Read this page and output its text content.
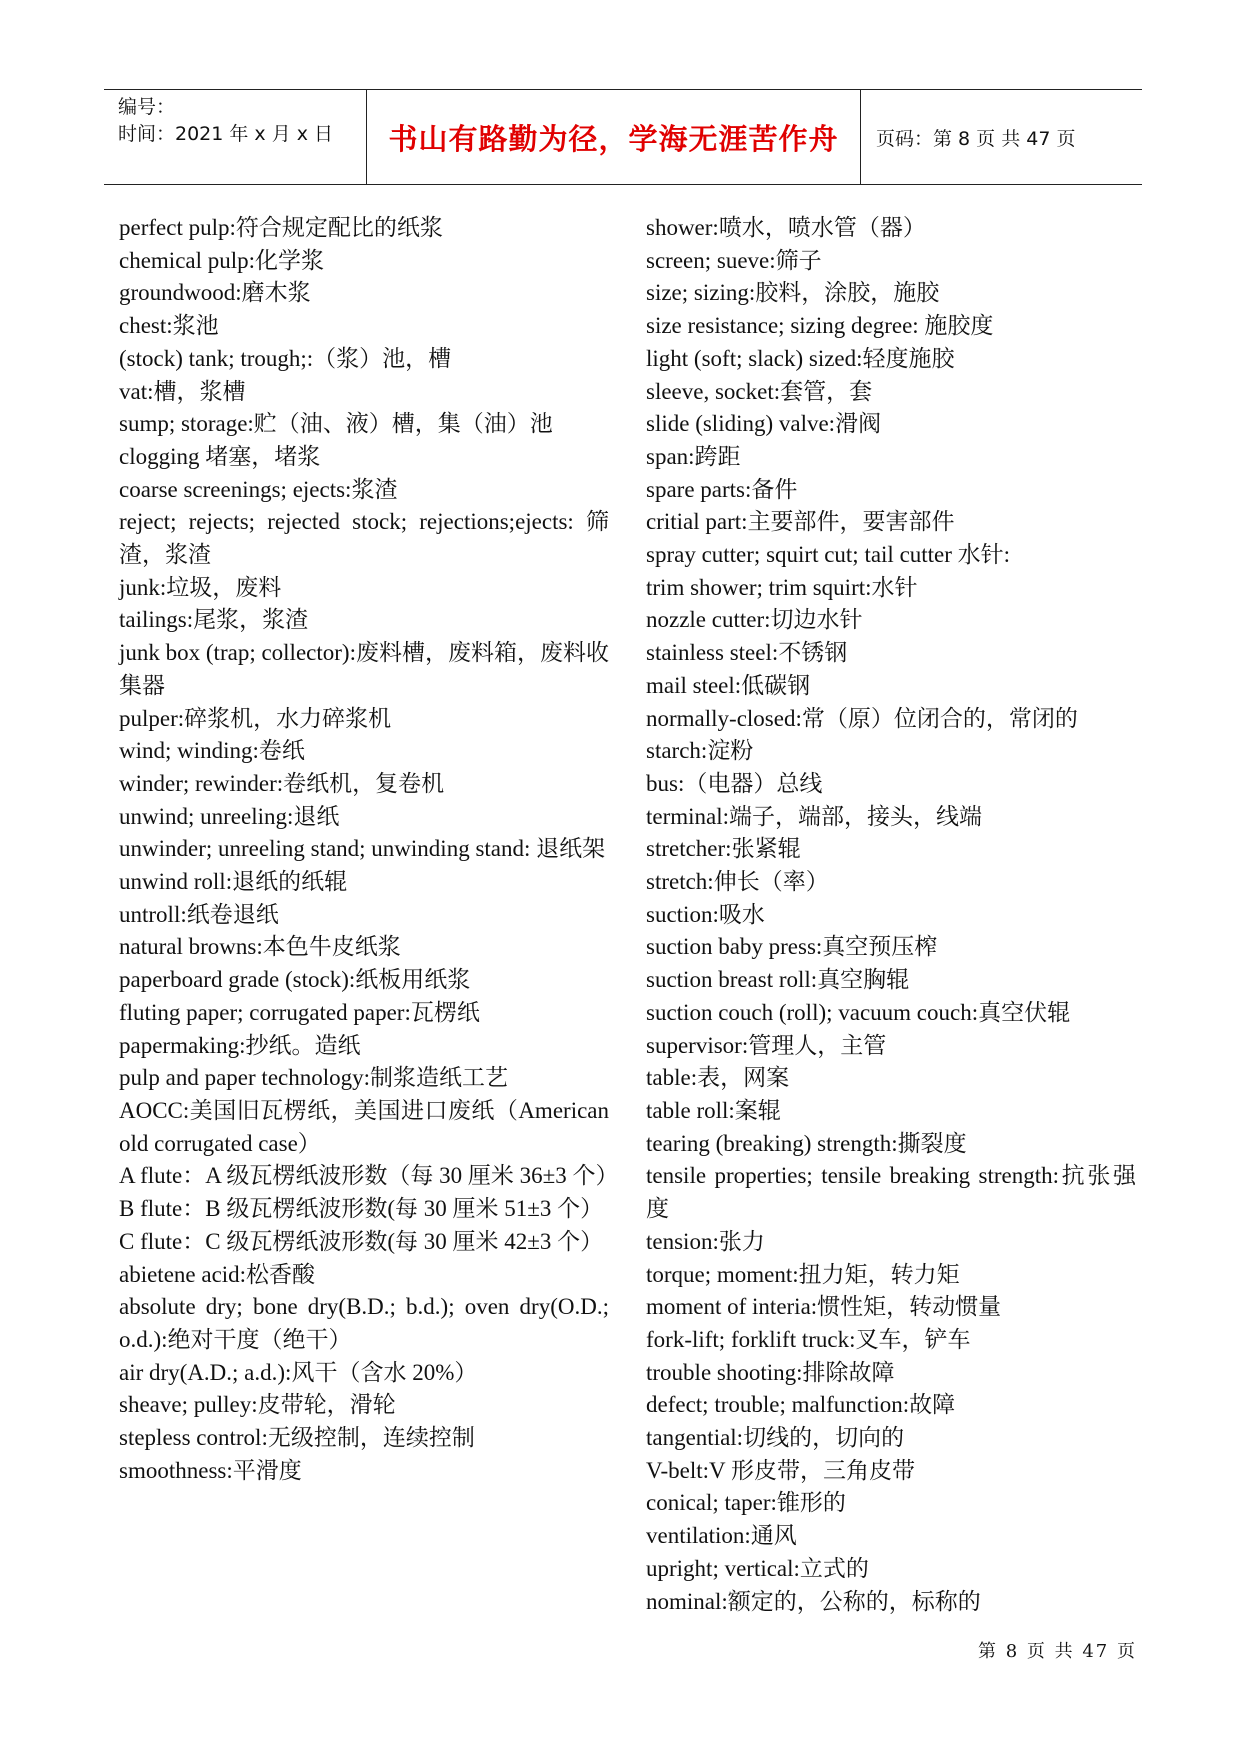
编号：
时间：2021 年 x 月 x 日	书山有路勤为径，学海无涯苦作舟	页码：第 8 页 共 47 页

perfect pulp:符合规定配比的纸浆

chemical pulp:化学浆

groundwood:磨木浆

chest:浆池

(stock) tank; trough;:（浆）池，槽

vat:槽，浆槽

sump; storage:贮（油、液）槽，集（油）池

clogging 堵塞，堵浆

coarse screenings; ejects:浆渣

reject; rejects; rejected stock; rejections;ejects: 筛渣，浆渣

junk:垃圾，废料

tailings:尾浆，浆渣

junk box (trap; collector):废料槽，废料箱，废料收集器

pulper:碎浆机，水力碎浆机

wind; winding:卷纸

winder; rewinder:卷纸机，复卷机

unwind; unreeling:退纸

unwinder; unreeling stand; unwinding stand: 退纸架

unwind roll:退纸的纸辊

untroll:纸卷退纸

natural browns:本色牛皮纸浆

paperboard grade (stock):纸板用纸浆

fluting paper; corrugated paper:瓦楞纸

papermaking:抄纸。造纸

pulp and paper technology:制浆造纸工艺

AOCC:美国旧瓦楞纸，美国进口废纸（American old corrugated case）

A flute：A 级瓦楞纸波形数（每 30 厘米 36±3 个）

B flute：B 级瓦楞纸波形数(每 30 厘米 51±3 个）

C flute：C 级瓦楞纸波形数(每 30 厘米 42±3 个）

abietene acid:松香酸

absolute dry; bone dry(B.D.; b.d.); oven dry(O.D.; o.d.):绝对干度（绝干）

air dry(A.D.; a.d.):风干（含水 20%）

sheave; pulley:皮带轮，滑轮

stepless control:无级控制，连续控制

smoothness:平滑度

shower:喷水，喷水管（器）

screen; sueve:筛子

size; sizing:胶料，涂胶，施胶

size resistance; sizing degree: 施胶度

light (soft; slack) sized:轻度施胶

sleeve, socket:套管，套

slide (sliding) valve:滑阀

span:跨距

spare parts:备件

critial part:主要部件，要害部件

spray cutter; squirt cut; tail cutter 水针:

trim shower; trim squirt:水针

nozzle cutter:切边水针

stainless steel:不锈钢

mail steel:低碳钢

normally-closed:常（原）位闭合的，常闭的

starch:淀粉

bus:（电器）总线

terminal:端子，端部，接头，线端

stretcher:张紧辊

stretch:伸长（率）

suction:吸水

suction baby press:真空预压榨

suction breast roll:真空胸辊

suction couch (roll); vacuum couch:真空伏辊

supervisor:管理人，主管

table:表，网案

table roll:案辊

tearing (breaking) strength:撕裂度

tensile properties; tensile breaking strength:抗张强度

tension:张力

torque; moment:扭力矩，转力矩

moment of interia:惯性矩，转动惯量

fork-lift; forklift truck:叉车，铲车

trouble shooting:排除故障

defect; trouble; malfunction:故障

tangential:切线的，切向的

V-belt:V 形皮带，三角皮带

conical; taper:锥形的

ventilation:通风

upright; vertical:立式的

nominal:额定的，公称的，标称的

第 8 页 共 47 页
